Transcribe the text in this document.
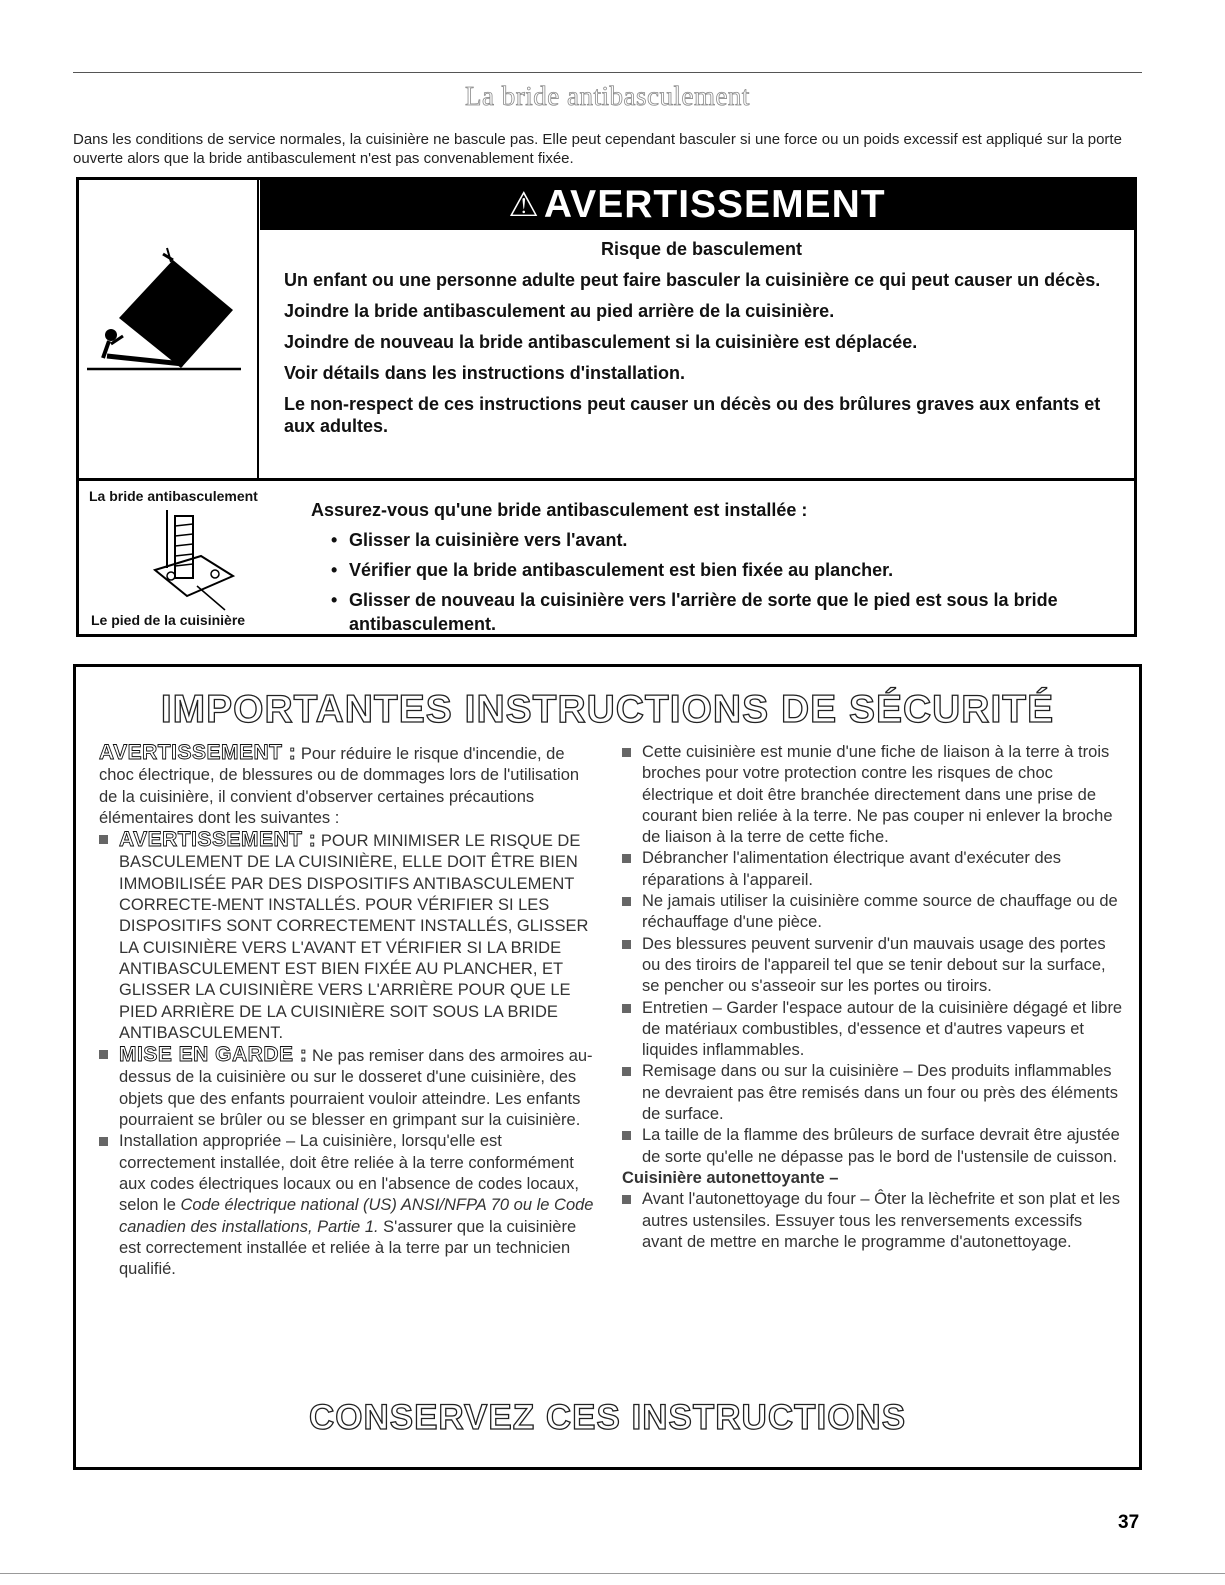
La bride antibasculement
Dans les conditions de service normales, la cuisinière ne bascule pas. Elle peut cependant basculer si une force ou un poids excessif est appliqué sur la porte ouverte alors que la bride antibasculement n'est pas convenablement fixée.
⚠ AVERTISSEMENT

Risque de basculement

Un enfant ou une personne adulte peut faire basculer la cuisinière ce qui peut causer un décès.

Joindre la bride antibasculement au pied arrière de la cuisinière.

Joindre de nouveau la bride antibasculement si la cuisinière est déplacée.

Voir détails dans les instructions d'installation.

Le non-respect de ces instructions peut causer un décès ou des brûlures graves aux enfants et aux adultes.

La bride antibasculement
Le pied de la cuisinière

Assurez-vous qu'une bride antibasculement est installée :

• Glisser la cuisinière vers l'avant.
• Vérifier que la bride antibasculement est bien fixée au plancher.
• Glisser de nouveau la cuisinière vers l'arrière de sorte que le pied est sous la bride antibasculement.
IMPORTANTES INSTRUCTIONS DE SÉCURITÉ

AVERTISSEMENT : Pour réduire le risque d'incendie, de choc électrique, de blessures ou de dommages lors de l'utilisation de la cuisinière, il convient d'observer certaines précautions élémentaires dont les suivantes :

AVERTISSEMENT : POUR MINIMISER LE RISQUE DE BASCULEMENT DE LA CUISINIÈRE, ELLE DOIT ÊTRE BIEN IMMOBILISÉE PAR DES DISPOSITIFS ANTIBASCULEMENT CORRECTE-MENT INSTALLÉS. POUR VÉRIFIER SI LES DISPOSITIFS SONT CORRECTEMENT INSTALLÉS, GLISSER LA CUISINIÈRE VERS L'AVANT ET VÉRIFIER SI LA BRIDE ANTIBASCULEMENT EST BIEN FIXÉE AU PLANCHER, ET GLISSER LA CUISINIÈRE VERS L'ARRIÈRE POUR QUE LE PIED ARRIÈRE DE LA CUISINIÈRE SOIT SOUS LA BRIDE ANTIBASCULEMENT.

MISE EN GARDE : Ne pas remiser dans des armoires au-dessus de la cuisinière ou sur le dosseret d'une cuisinière, des objets que des enfants pourraient vouloir atteindre. Les enfants pourraient se brûler ou se blesser en grimpant sur la cuisinière.

Installation appropriée – La cuisinière, lorsqu'elle est correctement installée, doit être reliée à la terre conformément aux codes électriques locaux ou en l'absence de codes locaux, selon le Code électrique national (US) ANSI/NFPA 70 ou le Code canadien des installations, Partie 1. S'assurer que la cuisinière est correctement installée et reliée à la terre par un technicien qualifié.

Cette cuisinière est munie d'une fiche de liaison à la terre à trois broches pour votre protection contre les risques de choc électrique et doit être branchée directement dans une prise de courant bien reliée à la terre. Ne pas couper ni enlever la broche de liaison à la terre de cette fiche.

Débrancher l'alimentation électrique avant d'exécuter des réparations à l'appareil.

Ne jamais utiliser la cuisinière comme source de chauffage ou de réchauffage d'une pièce.

Des blessures peuvent survenir d'un mauvais usage des portes ou des tiroirs de l'appareil tel que se tenir debout sur la surface, se pencher ou s'asseoir sur les portes ou tiroirs.

Entretien – Garder l'espace autour de la cuisinière dégagé et libre de matériaux combustibles, d'essence et d'autres vapeurs et liquides inflammables.

Remisage dans ou sur la cuisinière – Des produits inflammables ne devraient pas être remisés dans un four ou près des éléments de surface.

La taille de la flamme des brûleurs de surface devrait être ajustée de sorte qu'elle ne dépasse pas le bord de l'ustensile de cuisson.

Cuisinière autonettoyante –

Avant l'autonettoyage du four – Ôter la lèchefrite et son plat et les autres ustensiles. Essuyer tous les renversements excessifs avant de mettre en marche le programme d'autonettoyage.

CONSERVEZ CES INSTRUCTIONS
37
